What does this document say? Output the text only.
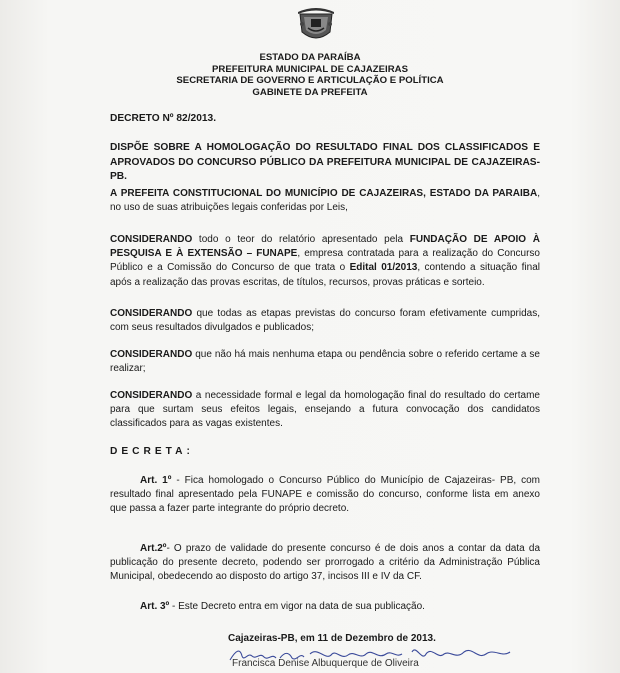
ESTADO DA PARAÍBA
PREFEITURA MUNICIPAL DE CAJAZEIRAS
SECRETARIA DE GOVERNO E ARTICULAÇÃO E POLÍTICA
GABINETE DA PREFEITA
DECRETO Nº 82/2013.
DISPÕE SOBRE A HOMOLOGAÇÃO DO RESULTADO FINAL DOS CLASSIFICADOS E APROVADOS DO CONCURSO PÚBLICO DA PREFEITURA MUNICIPAL DE CAJAZEIRAS- PB.
A PREFEITA CONSTITUCIONAL DO MUNICÍPIO DE CAJAZEIRAS, ESTADO DA PARAIBA, no uso de suas atribuições legais conferidas por Leis,
CONSIDERANDO todo o teor do relatório apresentado pela FUNDAÇÃO DE APOIO À PESQUISA E À EXTENSÃO – FUNAPE, empresa contratada para a realização do Concurso Público e a Comissão do Concurso de que trata o Edital 01/2013, contendo a situação final após a realização das provas escritas, de títulos, recursos, provas práticas e sorteio.
CONSIDERANDO que todas as etapas previstas do concurso foram efetivamente cumpridas, com seus resultados divulgados e publicados;
CONSIDERANDO que não há mais nenhuma etapa ou pendência sobre o referido certame a se realizar;
CONSIDERANDO a necessidade formal e legal da homologação final do resultado do certame para que surtam seus efeitos legais, ensejando a futura convocação dos candidatos classificados para as vagas existentes.
DECRETA:
Art. 1º - Fica homologado o Concurso Público do Município de Cajazeiras- PB, com resultado final apresentado pela FUNAPE e comissão do concurso, conforme lista em anexo que passa a fazer parte integrante do próprio decreto.
Art.2º- O prazo de validade do presente concurso é de dois anos a contar da data da publicação do presente decreto, podendo ser prorrogado a critério da Administração Pública Municipal, obedecendo ao disposto do artigo 37, incisos III e IV da CF.
Art. 3º - Este Decreto entra em vigor na data de sua publicação.
Cajazeiras-PB, em 11 de Dezembro de 2013.
Francisca Denise Albuquerque de Oliveira
